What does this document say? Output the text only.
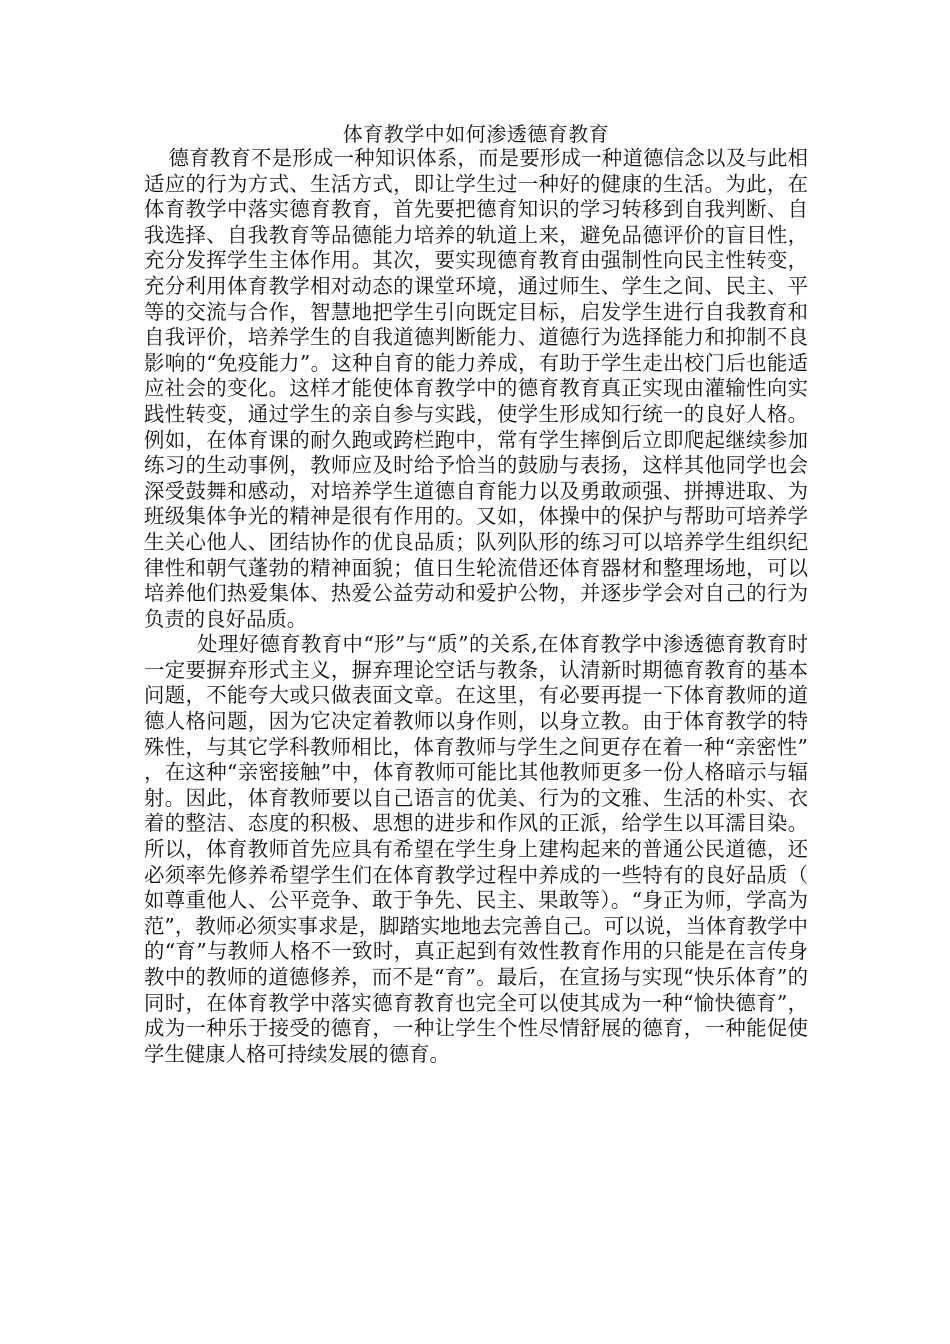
体育教学中如何渗透德育教育

德育教育不是形成一种知识体系，而是要形成一种道德信念以及与此相适应的行为方式、生活方式，即让学生过一种好的健康的生活。为此，在体育教学中落实德育教育，首先要把德育知识的学习转移到自我判断、自我选择、自我教育等品德能力培养的轨道上来，避免品德评价的盲目性，充分发挥学生主体作用。其次，要实现德育教育由强制性向民主性转变，充分利用体育教学相对动态的课堂环境，通过师生、学生之间、民主、平等的交流与合作，智慧地把学生引向既定目标，启发学生进行自我教育和自我评价，培养学生的自我道德判断能力、道德行为选择能力和抑制不良影响的“免疫能力”。这种自育的能力养成，有助于学生走出校门后也能适应社会的变化。这样才能使体育教学中的德育教育真正实现由灌输性向实践性转变，通过学生的亲自参与实践，使学生形成知行统一的良好人格。例如，在体育课的耐久跑或跨栏跑中，常有学生摔倒后立即爬起继续参加练习的生动事例，教师应及时给予恰当的鼓励与表扬，这样其他同学也会深受鼓舞和感动，对培养学生道德自育能力以及勇敢顽强、拼搏进取、为班级集体争光的精神是很有作用的。又如，体操中的保护与帮助可培养学生关心他人、团结协作的优良品质；队列队形的练习可以培养学生组织纪律性和朝气蓬勃的精神面貌；值日生轮流借还体育器材和整理场地，可以培养他们热爱集体、热爱公益劳动和爱护公物，并逐步学会对自己的行为负责的良好品质。

处理好德育教育中“形”与“质”的关系,在体育教学中渗透德育教育时一定要摒弃形式主义，摒弃理论空话与教条，认清新时期德育教育的基本问题，不能夸大或只做表面文章。在这里，有必要再提一下体育教师的道德人格问题，因为它决定着教师以身作则，以身立教。由于体育教学的特殊性，与其它学科教师相比，体育教师与学生之间更存在着一种“亲密性”，在这种“亲密接触”中，体育教师可能比其他教师更多一份人格暗示与辐射。因此，体育教师要以自己语言的优美、行为的文雅、生活的朴实、衣着的整洁、态度的积极、思想的进步和作风的正派，给学生以耳濡目染。所以，体育教师首先应具有希望在学生身上建构起来的普通公民道德，还必须率先修养希望学生们在体育教学过程中养成的一些特有的良好品质（如尊重他人、公平竞争、敢于争先、民主、果敢等）。“身正为师，学高为范”，教师必须实事求是，脚踏实地地去完善自己。可以说，当体育教学中的“育”与教师人格不一致时，真正起到有效性教育作用的只能是在言传身教中的教师的道德修养，而不是“育”。最后，在宣扬与实现“快乐体育”的同时，在体育教学中落实德育教育也完全可以使其成为一种“愉快德育”，成为一种乐于接受的德育，一种让学生个性尽情舒展的德育，一种能促使学生健康人格可持续发展的德育。
